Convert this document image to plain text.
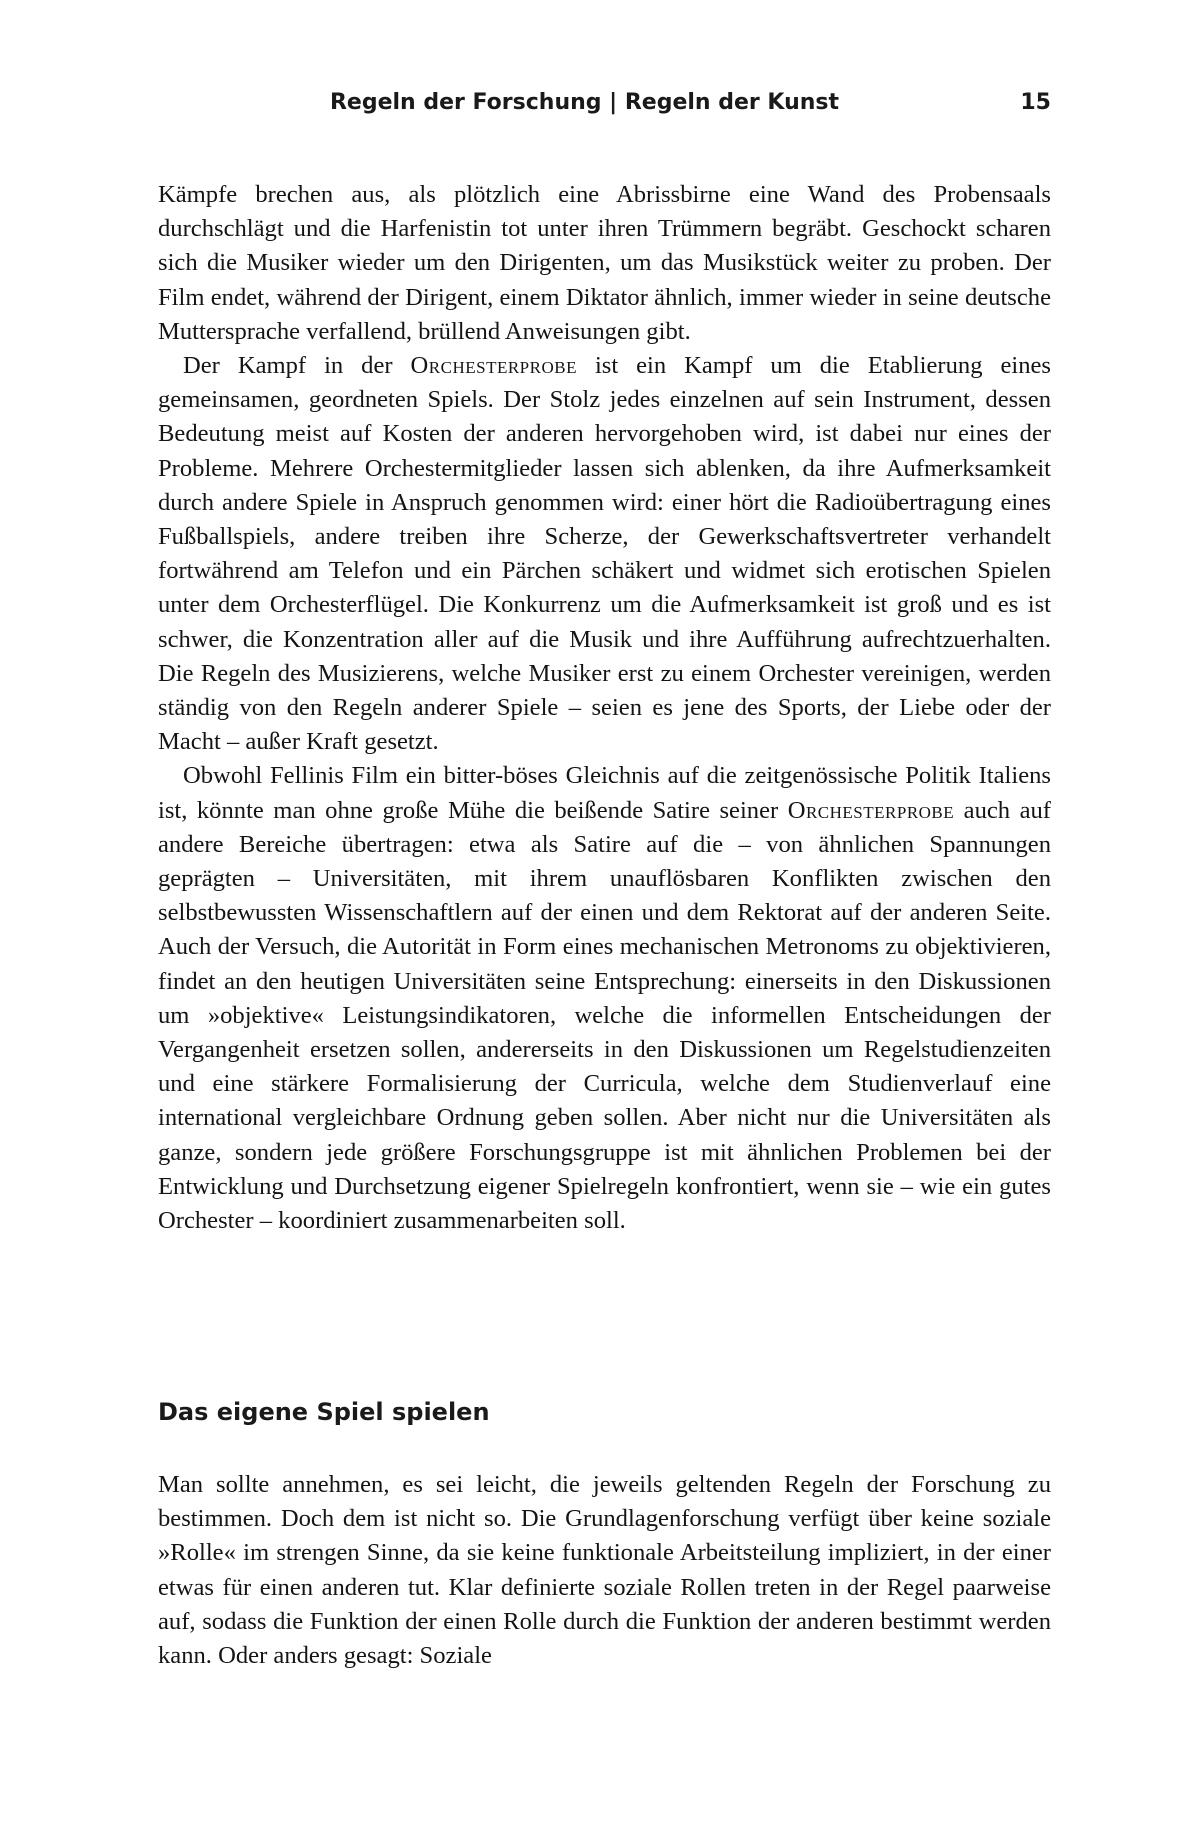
Regeln der Forschung | Regeln der Kunst	15

Kämpfe brechen aus, als plötzlich eine Abrissbirne eine Wand des Probensaals durchschlägt und die Harfenistin tot unter ihren Trümmern begräbt. Geschockt scharen sich die Musiker wieder um den Dirigenten, um das Musikstück weiter zu proben. Der Film endet, während der Dirigent, einem Diktator ähnlich, immer wieder in seine deutsche Muttersprache verfallend, brüllend Anweisungen gibt.

Der Kampf in der Orchesterprobe ist ein Kampf um die Etablierung eines gemeinsamen, geordneten Spiels. Der Stolz jedes einzelnen auf sein Instrument, dessen Bedeutung meist auf Kosten der anderen hervorgehoben wird, ist dabei nur eines der Probleme. Mehrere Orchestermitglieder lassen sich ablenken, da ihre Aufmerksamkeit durch andere Spiele in Anspruch genommen wird: einer hört die Radioübertragung eines Fußballspiels, andere treiben ihre Scherze, der Gewerkschaftsvertreter verhandelt fortwährend am Telefon und ein Pärchen schäkert und widmet sich erotischen Spielen unter dem Orchesterflügel. Die Konkurrenz um die Aufmerksamkeit ist groß und es ist schwer, die Konzentration aller auf die Musik und ihre Aufführung aufrechtzuerhalten. Die Regeln des Musizierens, welche Musiker erst zu einem Orchester vereinigen, werden ständig von den Regeln anderer Spiele – seien es jene des Sports, der Liebe oder der Macht – außer Kraft gesetzt.

Obwohl Fellinis Film ein bitter-böses Gleichnis auf die zeitgenössische Politik Italiens ist, könnte man ohne große Mühe die beißende Satire seiner Orchesterprobe auch auf andere Bereiche übertragen: etwa als Satire auf die – von ähnlichen Spannungen geprägten – Universitäten, mit ihrem unauflösbaren Konflikten zwischen den selbstbewussten Wissenschaftlern auf der einen und dem Rektorat auf der anderen Seite. Auch der Versuch, die Autorität in Form eines mechanischen Metronoms zu objektivieren, findet an den heutigen Universitäten seine Entsprechung: einerseits in den Diskussionen um »objektive« Leistungsindikatoren, welche die informellen Entscheidungen der Vergangenheit ersetzen sollen, andererseits in den Diskussionen um Regelstudienzeiten und eine stärkere Formalisierung der Curricula, welche dem Studienverlauf eine international vergleichbare Ordnung geben sollen. Aber nicht nur die Universitäten als ganze, sondern jede größere Forschungsgruppe ist mit ähnlichen Problemen bei der Entwicklung und Durchsetzung eigener Spielregeln konfrontiert, wenn sie – wie ein gutes Orchester – koordiniert zusammenarbeiten soll.

Das eigene Spiel spielen

Man sollte annehmen, es sei leicht, die jeweils geltenden Regeln der Forschung zu bestimmen. Doch dem ist nicht so. Die Grundlagenforschung verfügt über keine soziale »Rolle« im strengen Sinne, da sie keine funktionale Arbeitsteilung impliziert, in der einer etwas für einen anderen tut. Klar definierte soziale Rollen treten in der Regel paarweise auf, sodass die Funktion der einen Rolle durch die Funktion der anderen bestimmt werden kann. Oder anders gesagt: Soziale
